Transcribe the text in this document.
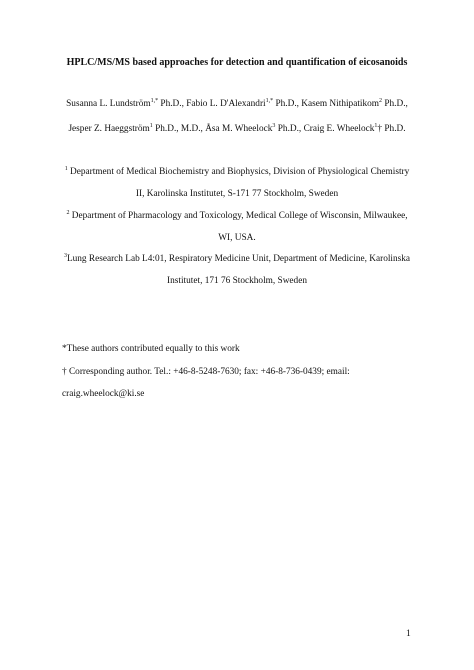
HPLC/MS/MS based approaches for detection and quantification of eicosanoids
Susanna L. Lundström$^{1,*}$ Ph.D., Fabio L. D'Alexandri$^{1,*}$ Ph.D., Kasem Nithipatikom$^2$ Ph.D.,
Jesper Z. Haeggström$^1$ Ph.D., M.D., Åsa M. Wheelock$^3$ Ph.D., Craig E. Wheelock$^1$† Ph.D.
$^1$ Department of Medical Biochemistry and Biophysics, Division of Physiological Chemistry
II, Karolinska Institutet, S-171 77 Stockholm, Sweden
$^2$ Department of Pharmacology and Toxicology, Medical College of Wisconsin, Milwaukee,
WI, USA.
$^3$Lung Research Lab L4:01, Respiratory Medicine Unit, Department of Medicine, Karolinska
Institutet, 171 76 Stockholm, Sweden
*These authors contributed equally to this work
† Corresponding author. Tel.: +46-8-5248-7630; fax: +46-8-736-0439; email:
craig.wheelock@ki.se
1
